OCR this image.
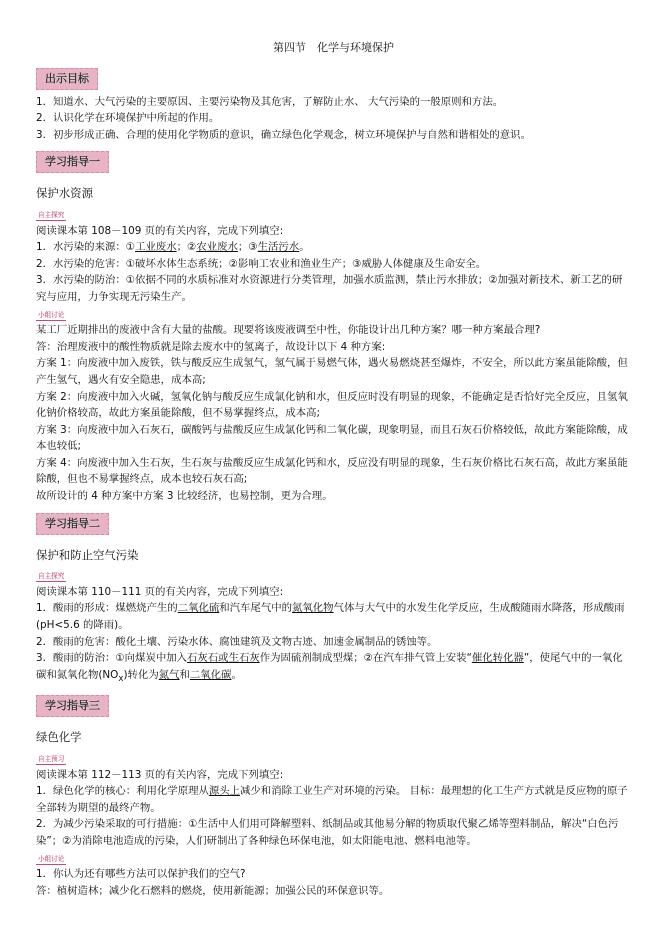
第四节　化学与环境保护
出示目标

1．知道水、大气污染的主要原因、主要污染物及其危害，了解防止水、 大气污染的一般原则和方法。

2．认识化学在环境保护中所起的作用。

3．初步形成正确、合理的使用化学物质的意识，确立绿色化学观念，树立环境保护与自然和谐相处的意识。

学习指导一
保护水资源
自主探究

阅读课本第 108－109 页的有关内容，完成下列填空:

1．水污染的来源：①工业废水；②农业废水；③生活污水。

2．水污染的危害：①破坏水体生态系统；②影响工农业和渔业生产；③威胁人体健康及生命安全。

3．水污染的防治：①依据不同的水质标准对水资源进行分类管理，加强水质监测，禁止污水排放；②加强对新技术、新工艺的研究与应用，力争实现无污染生产。

小组讨论

某工厂近期排出的废液中含有大量的盐酸。现要将该废液调至中性，你能设计出几种方案？哪一种方案最合理?

答：治理废液中的酸性物质就是除去废水中的氢离子，故设计以下 4 种方案:

方案 1：向废液中加入废铁，铁与酸反应生成氢气，氢气属于易燃气体，遇火易燃烧甚至爆炸，不安全，所以此方案虽能除酸，但产生氢气，遇火有安全隐患，成本高;

方案 2：向废液中加入火碱，氢氧化钠与酸反应生成氯化钠和水，但反应时没有明显的现象，不能确定是否恰好完全反应，且氢氧化钠价格较高，故此方案虽能除酸，但不易掌握终点，成本高;

方案 3：向废液中加入石灰石，碳酸钙与盐酸反应生成氯化钙和二氧化碳，现象明显，而且石灰石价格较低，故此方案能除酸，成本也较低;

方案 4：向废液中加入生石灰，生石灰与盐酸反应生成氯化钙和水，反应没有明显的现象，生石灰价格比石灰石高，故此方案虽能除酸，但也不易掌握终点，成本也较石灰石高;

故所设计的 4 种方案中方案 3 比较经济，也易控制，更为合理。

学习指导二
保护和防止空气污染
自主探究

阅读课本第 110－111 页的有关内容，完成下列填空:

1．酸雨的形成：煤燃烧产生的二氧化硫和汽车尾气中的氮氧化物气体与大气中的水发生化学反应，生成酸随雨水降落，形成酸雨(pH<5.6 的降雨)。

2．酸雨的危害：酸化土壤、污染水体、腐蚀建筑及文物古迹、加速金属制品的锈蚀等。

3．酸雨的防治：①向煤炭中加入石灰石或生石灰作为固硫剂制成型煤；②在汽车排气管上安装“催化转化器”，使尾气中的一氧化碳和氮氧化物$(NO_x)$转化为氮气和二氧化碳。

学习指导三
绿色化学
自主预习

阅读课本第 112－113 页的有关内容，完成下列填空:

1．绿色化学的核心：利用化学原理从源头上减少和消除工业生产对环境的污染。 目标：最理想的化工生产方式就是反应物的原子全部转为期望的最终产物。

2．为减少污染采取的可行措施：①生活中人们用可降解塑料、纸制品或其他易分解的物质取代聚乙烯等塑料制品，解决“白色污染”；②为消除电池造成的污染，人们研制出了各种绿色环保电池，如太阳能电池、燃料电池等。

小组讨论

1．你认为还有哪些方法可以保护我们的空气?

答：植树造林；减少化石燃料的燃烧，使用新能源；加强公民的环保意识等。
